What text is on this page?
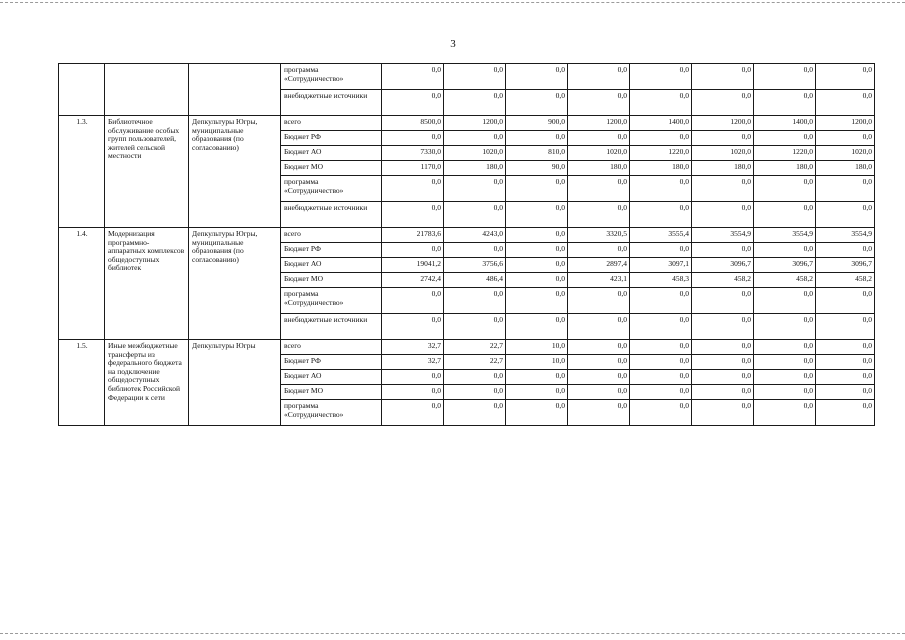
3
			программа «Сотрудничество»	0,0	0,0	0,0	0,0	0,0	0,0	0,0	0,0
			внебюджетные источники	0,0	0,0	0,0	0,0	0,0	0,0	0,0	0,0
1.3.	Библиотечное обслуживание особых групп пользователей, жителей сельской местности	Депкультуры Югры, муниципальные образования (по согласованию)	всего	8500,0	1200,0	900,0	1200,0	1400,0	1200,0	1400,0	1200,0
			Бюджет РФ	0,0	0,0	0,0	0,0	0,0	0,0	0,0	0,0
			Бюджет АО	7330,0	1020,0	810,0	1020,0	1220,0	1020,0	1220,0	1020,0
			Бюджет МО	1170,0	180,0	90,0	180,0	180,0	180,0	180,0	180,0
			программа «Сотрудничество»	0,0	0,0	0,0	0,0	0,0	0,0	0,0	0,0
			внебюджетные источники	0,0	0,0	0,0	0,0	0,0	0,0	0,0	0,0
1.4.	Модернизация программно-аппаратных комплексов общедоступных библиотек	Депкультуры Югры, муниципальные образования (по согласованию)	всего	21783,6	4243,0	0,0	3320,5	3555,4	3554,9	3554,9	3554,9
			Бюджет РФ	0,0	0,0	0,0	0,0	0,0	0,0	0,0	0,0
			Бюджет АО	19041,2	3756,6	0,0	2897,4	3097,1	3096,7	3096,7	3096,7
			Бюджет МО	2742,4	486,4	0,0	423,1	458,3	458,2	458,2	458,2
			программа «Сотрудничество»	0,0	0,0	0,0	0,0	0,0	0,0	0,0	0,0
			внебюджетные источники	0,0	0,0	0,0	0,0	0,0	0,0	0,0	0,0
1.5.	Иные межбюджетные трансферты из федерального бюджета на подключение общедоступных библиотек Российской Федерации к сети	Депкультуры Югры	всего	32,7	22,7	10,0	0,0	0,0	0,0	0,0	0,0
			Бюджет РФ	32,7	22,7	10,0	0,0	0,0	0,0	0,0	0,0
			Бюджет АО	0,0	0,0	0,0	0,0	0,0	0,0	0,0	0,0
			Бюджет МО	0,0	0,0	0,0	0,0	0,0	0,0	0,0	0,0
			программа «Сотрудничество»	0,0	0,0	0,0	0,0	0,0	0,0	0,0	0,0
